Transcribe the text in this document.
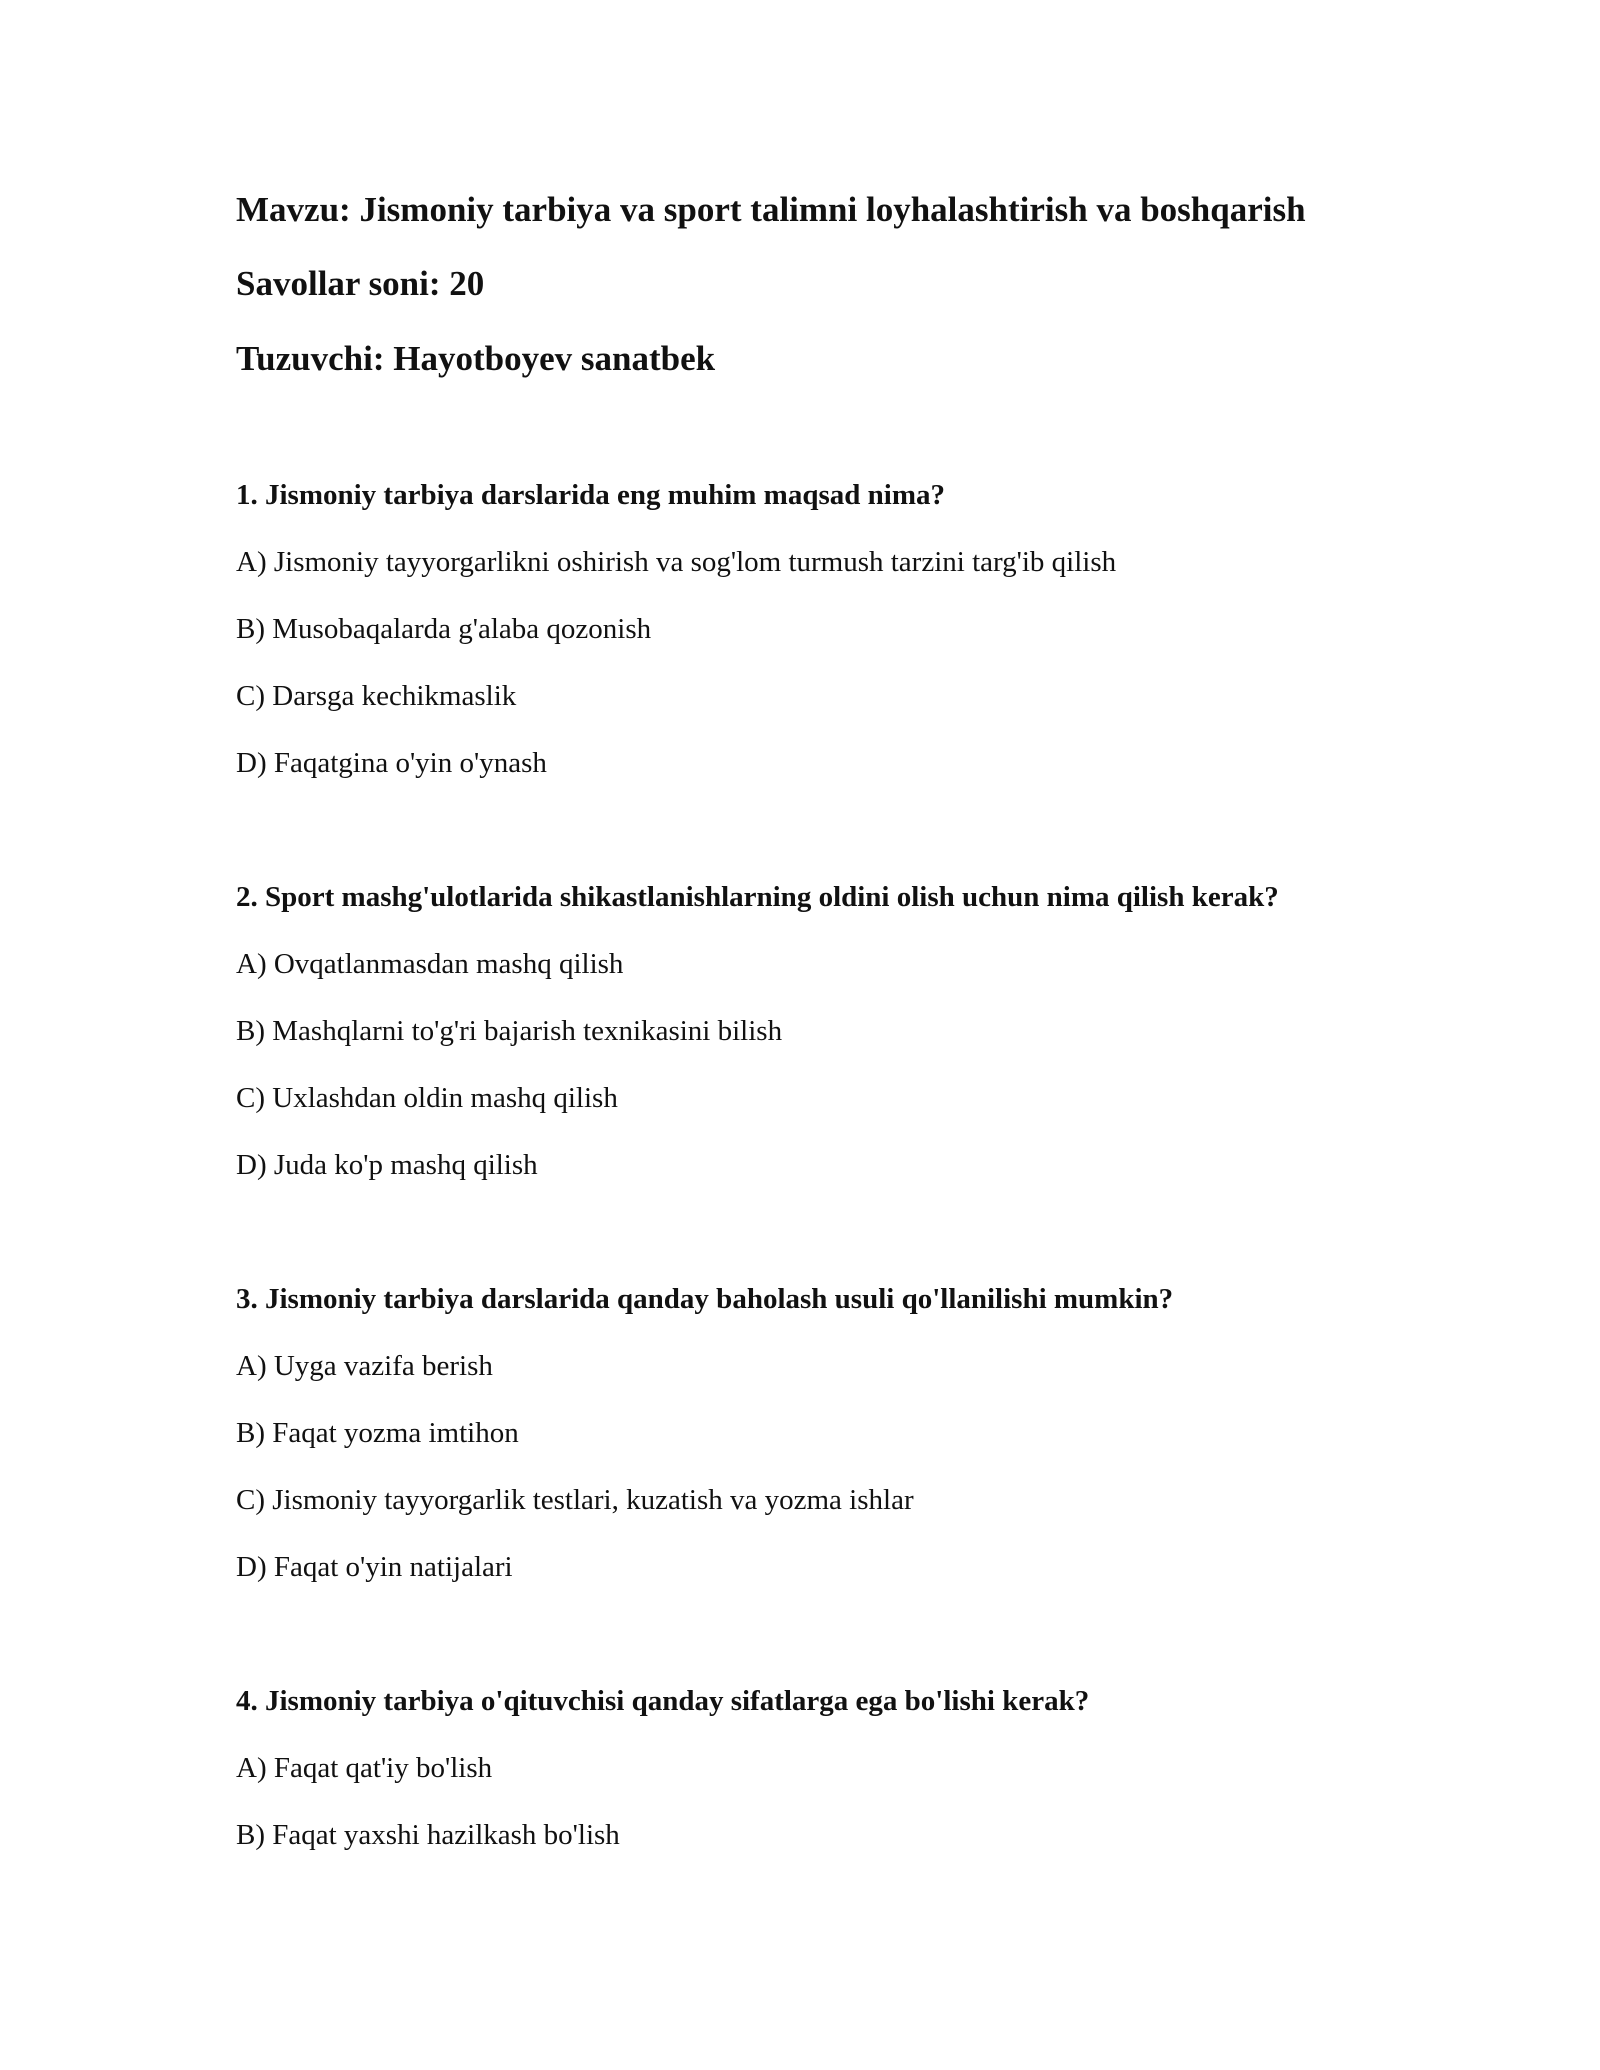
Mavzu: Jismoniy tarbiya va sport talimni loyhalashtirish va boshqarish
Savollar soni: 20
Tuzuvchi: Hayotboyev sanatbek
1. Jismoniy tarbiya darslarida eng muhim maqsad nima?
A) Jismoniy tayyorgarlikni oshirish va sog'lom turmush tarzini targ'ib qilish
B) Musobaqalarda g'alaba qozonish
C) Darsga kechikmaslik
D) Faqatgina o'yin o'ynash
2. Sport mashg'ulotlarida shikastlanishlarning oldini olish uchun nima qilish kerak?
A) Ovqatlanmasdan mashq qilish
B) Mashqlarni to'g'ri bajarish texnikasini bilish
C) Uxlashdan oldin mashq qilish
D) Juda ko'p mashq qilish
3. Jismoniy tarbiya darslarida qanday baholash usuli qo'llanilishi mumkin?
A) Uyga vazifa berish
B) Faqat yozma imtihon
C) Jismoniy tayyorgarlik testlari, kuzatish va yozma ishlar
D) Faqat o'yin natijalari
4. Jismoniy tarbiya o'qituvchisi qanday sifatlarga ega bo'lishi kerak?
A) Faqat qat'iy bo'lish
B) Faqat yaxshi hazilkash bo'lish
